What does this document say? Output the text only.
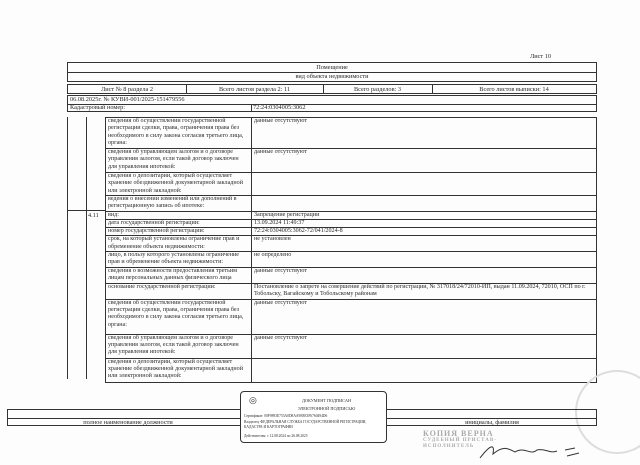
Лист 10
Помещение
вид объекта недвижимости
Лист № 8 раздела 2	Всего листов раздела 2: 11	Всего разделов: 3	Всего листов выписки: 14
06.08.2025г. № КУВИ-001/2025-151479556
Кадастровый номер:	72:24:0304005:3062
4.11
сведения об осуществлении государственной регистрации сделки, права, ограничения права без необходимого в силу закона согласия третьего лица, органа:	данные отсутствуют
сведения об управляющем залогом и о договоре управления залогом, если такой договор заключен для управления ипотекой:	данные отсутствуют
сведения о депозитарии, который осуществляет хранение обездвиженной документарной закладной или электронной закладной:	
ведения о внесении изменений или дополнений в регистрационную запись об ипотеке:	
вид:	Запрещение регистрации
дата государственной регистрации:	13.09.2024 11:49:37
номер государственной регистрации:	72:24:0304005:3062-72/041/2024-8
срок, на который установлены ограничение прав и обременение объекта недвижимости:	не установлен
лицо, в пользу которого установлены ограничение прав и обременение объекта недвижимости:	не определено
сведения о возможности предоставления третьим лицам персональных данных физического лица	данные отсутствуют
основание государственной регистрации:	Постановление о запрете на совершение действий по регистрации, № 317018/24/72010-ИП, выдан 11.09.2024, 72010, ОСП по г. Тобольску, Вагайскому и Тобольскому районам
сведения об осуществлении государственной регистрации сделки, права, ограничения права без необходимого в силу закона согласия третьего лица, органа:	данные отсутствуют
сведения об управляющем залогом и о договоре управления залогом, если такой договор заключен для управления ипотекой:	данные отсутствуют
сведения о депозитарии, который осуществляет хранение обездвиженной документарной закладной или электронной закладной:	
полное наименование должности	инициалы, фамилия
◎	ДОКУМЕНТ ПОДПИСАН
ЭЛЕКТРОННОЙ ПОДПИСЬЮ
Сертификат: 00F9893E753A0D8AA9E8E3F6760494D6
Владелец: ФЕДЕРАЛЬНАЯ СЛУЖБА ГОСУДАРСТВЕННОЙ РЕГИСТРАЦИИ, КАДАСТРА И КАРТОГРАФИИ
Действителен: с 12.08.2024 по 26.08.2025	КОПИЯ ВЕРНА
СУДЕБНЫЙ ПРИСТАВ-
ИСПОЛНИТЕЛЬ
